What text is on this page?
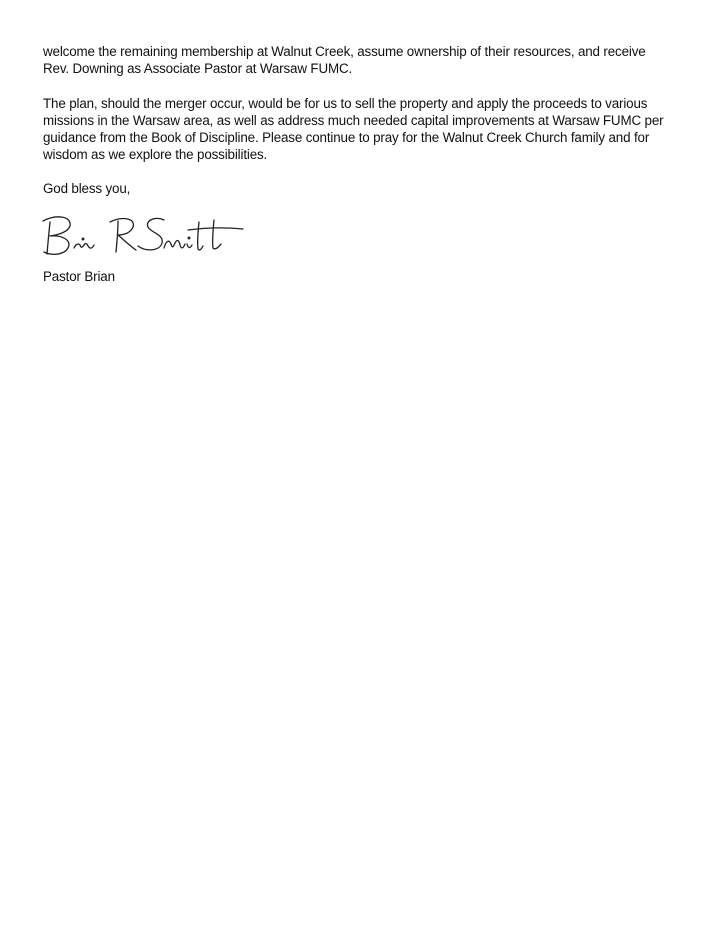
welcome the remaining membership at Walnut Creek, assume ownership of their resources, and receive
Rev. Downing as Associate Pastor at Warsaw FUMC.

The plan, should the merger occur, would be for us to sell the property and apply the proceeds to various
missions in the Warsaw area, as well as address much needed capital improvements at Warsaw FUMC per
guidance from the Book of Discipline. Please continue to pray for the Walnut Creek Church family and for
wisdom as we explore the possibilities.

God bless you,

Pastor Brian
